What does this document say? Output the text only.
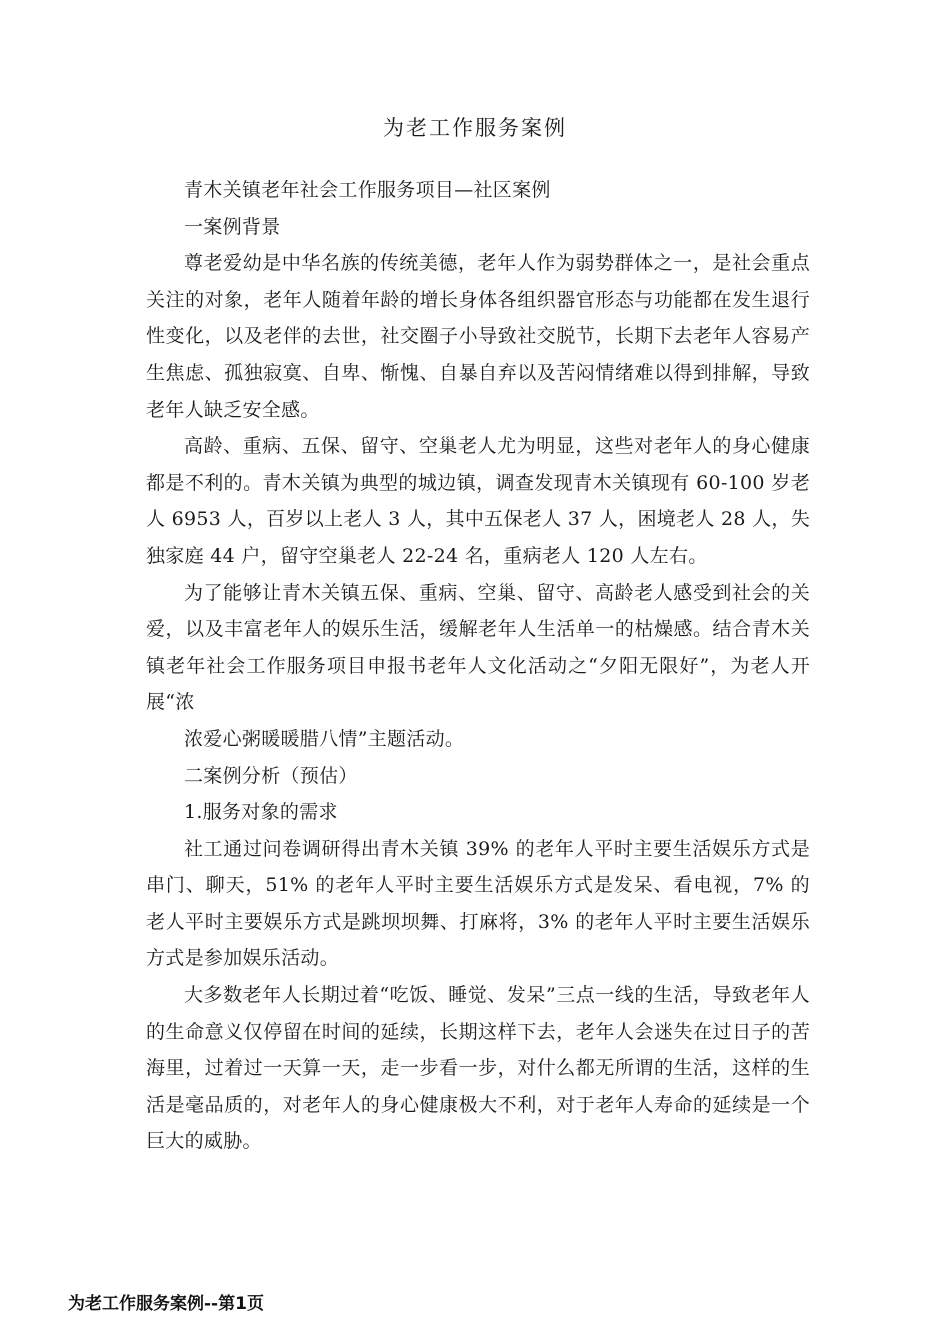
为老工作服务案例

青木关镇老年社会工作服务项目—社区案例

一案例背景

尊老爱幼是中华名族的传统美德，老年人作为弱势群体之一，是社会重点关注的对象，老年人随着年龄的增长身体各组织器官形态与功能都在发生退行性变化，以及老伴的去世，社交圈子小导致社交脱节，长期下去老年人容易产生焦虑、孤独寂寞、自卑、惭愧、自暴自弃以及苦闷情绪难以得到排解，导致老年人缺乏安全感。

高龄、重病、五保、留守、空巢老人尤为明显，这些对老年人的身心健康都是不利的。青木关镇为典型的城边镇，调查发现青木关镇现有 60-100 岁老人 6953 人，百岁以上老人 3 人，其中五保老人 37 人，困境老人 28 人，失独家庭 44 户，留守空巢老人 22-24 名，重病老人 120 人左右。

为了能够让青木关镇五保、重病、空巢、留守、高龄老人感受到社会的关爱，以及丰富老年人的娱乐生活，缓解老年人生活单一的枯燥感。结合青木关镇老年社会工作服务项目申报书老年人文化活动之“夕阳无限好”，为老人开展“浓

浓爱心粥暖暖腊八情”主题活动。

二案例分析（预估）

1.服务对象的需求

社工通过问卷调研得出青木关镇 39% 的老年人平时主要生活娱乐方式是串门、聊天，51% 的老年人平时主要生活娱乐方式是发呆、看电视，7% 的老人平时主要娱乐方式是跳坝坝舞、打麻将，3% 的老年人平时主要生活娱乐方式是参加娱乐活动。

大多数老年人长期过着“吃饭、睡觉、发呆”三点一线的生活，导致老年人的生命意义仅停留在时间的延续，长期这样下去，老年人会迷失在过日子的苦海里，过着过一天算一天，走一步看一步，对什么都无所谓的生活，这样的生活是毫品质的，对老年人的身心健康极大不利，对于老年人寿命的延续是一个巨大的威胁。

为老工作服务案例--第1页
